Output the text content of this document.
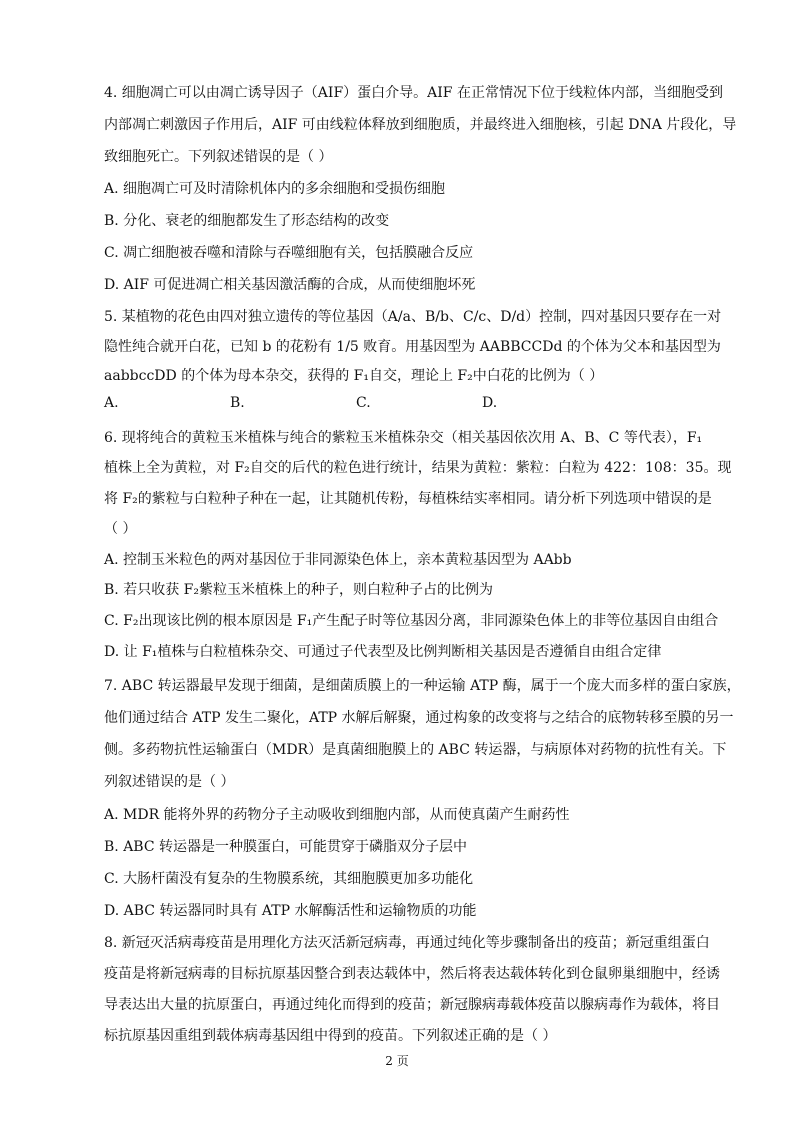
4. 细胞凋亡可以由凋亡诱导因子（AIF）蛋白介导。AIF 在正常情况下位于线粒体内部，当细胞受到
内部凋亡刺激因子作用后，AIF 可由线粒体释放到细胞质，并最终进入细胞核，引起 DNA 片段化，导
致细胞死亡。下列叙述错误的是（ ）
A. 细胞凋亡可及时清除机体内的多余细胞和受损伤细胞
B. 分化、衰老的细胞都发生了形态结构的改变
C. 凋亡细胞被吞噬和清除与吞噬细胞有关，包括膜融合反应
D. AIF 可促进凋亡相关基因激活酶的合成，从而使细胞坏死
5. 某植物的花色由四对独立遗传的等位基因（A/a、B/b、C/c、D/d）控制，四对基因只要存在一对
隐性纯合就开白花，已知 b 的花粉有 1/5 败育。用基因型为 AABBCCDd 的个体为父本和基因型为
aabbccDD 的个体为母本杂交，获得的 F₁自交，理论上 F₂中白花的比例为（ ）
A.	B.	C.	D.
6. 现将纯合的黄粒玉米植株与纯合的紫粒玉米植株杂交（相关基因依次用 A、B、C 等代表），F₁
植株上全为黄粒，对 F₂自交的后代的粒色进行统计，结果为黄粒：紫粒：白粒为 422：108：35。现
将 F₂的紫粒与白粒种子种在一起，让其随机传粉，每植株结实率相同。请分析下列选项中错误的是
（ ）
A. 控制玉米粒色的两对基因位于非同源染色体上，亲本黄粒基因型为 AAbb
B. 若只收获 F₂紫粒玉米植株上的种子，则白粒种子占的比例为
C. F₂出现该比例的根本原因是 F₁产生配子时等位基因分离，非同源染色体上的非等位基因自由组合
D. 让 F₁植株与白粒植株杂交、可通过子代表型及比例判断相关基因是否遵循自由组合定律
7. ABC 转运器最早发现于细菌，是细菌质膜上的一种运输 ATP 酶，属于一个庞大而多样的蛋白家族，
他们通过结合 ATP 发生二聚化，ATP 水解后解聚，通过构象的改变将与之结合的底物转移至膜的另一
侧。多药物抗性运输蛋白（MDR）是真菌细胞膜上的 ABC 转运器，与病原体对药物的抗性有关。下
列叙述错误的是（ ）
A. MDR 能将外界的药物分子主动吸收到细胞内部，从而使真菌产生耐药性
B. ABC 转运器是一种膜蛋白，可能贯穿于磷脂双分子层中
C. 大肠杆菌没有复杂的生物膜系统，其细胞膜更加多功能化
D. ABC 转运器同时具有 ATP 水解酶活性和运输物质的功能
8. 新冠灭活病毒疫苗是用理化方法灭活新冠病毒，再通过纯化等步骤制备出的疫苗；新冠重组蛋白
疫苗是将新冠病毒的目标抗原基因整合到表达载体中，然后将表达载体转化到仓鼠卵巢细胞中，经诱
导表达出大量的抗原蛋白，再通过纯化而得到的疫苗；新冠腺病毒载体疫苗以腺病毒作为载体，将目
标抗原基因重组到载体病毒基因组中得到的疫苗。下列叙述正确的是（ ）
2 页
